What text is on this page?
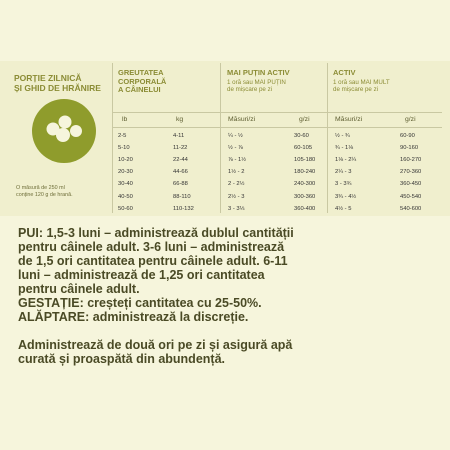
PORȚIE ZILNICĂ
ȘI GHID DE HRĂNIRE
O măsură de 250 ml
conține 120 g de hrană.
GREUTATEA
CORPORALĂ
A CÂINELUI
MAI PUȚIN ACTIV
1 oră sau MAI PUȚIN
de mișcare pe zi
ACTIV
1 oră sau MAI MULT
de mișcare pe zi
lb	kg	Măsuri/zi	g/zi	Măsuri/zi	g/zi
2-5	4-11	¼ - ½	30-60	½ - ¾	60-90
5-10	11-22	½ - ⅞	60-105	¾ - 1⅛	90-160
10-20	22-44	⅞ - 1½	105-180	1⅛ - 2¼	160-270
20-30	44-66	1½ - 2	180-240	2¼ - 3	270-360
30-40	66-88	2 - 2½	240-300	3 - 3¾	360-450
40-50	88-110	2½ - 3	300-360	3¾ - 4½	450-540
50-60	110-132	3 - 3⅓	360-400	4½ - 5	540-600

PUI: 1,5-3 luni – administrează dublul cantității

pentru câinele adult. 3-6 luni – administrează

de 1,5 ori cantitatea pentru câinele adult. 6-11

luni – administrează de 1,25 ori cantitatea

pentru câinele adult.

GESTAȚIE: creșteți cantitatea cu 25-50%.

ALĂPTARE: administrează la discreție.

Administrează de două ori pe zi și asigură apă

curată și proaspătă din abundență.
